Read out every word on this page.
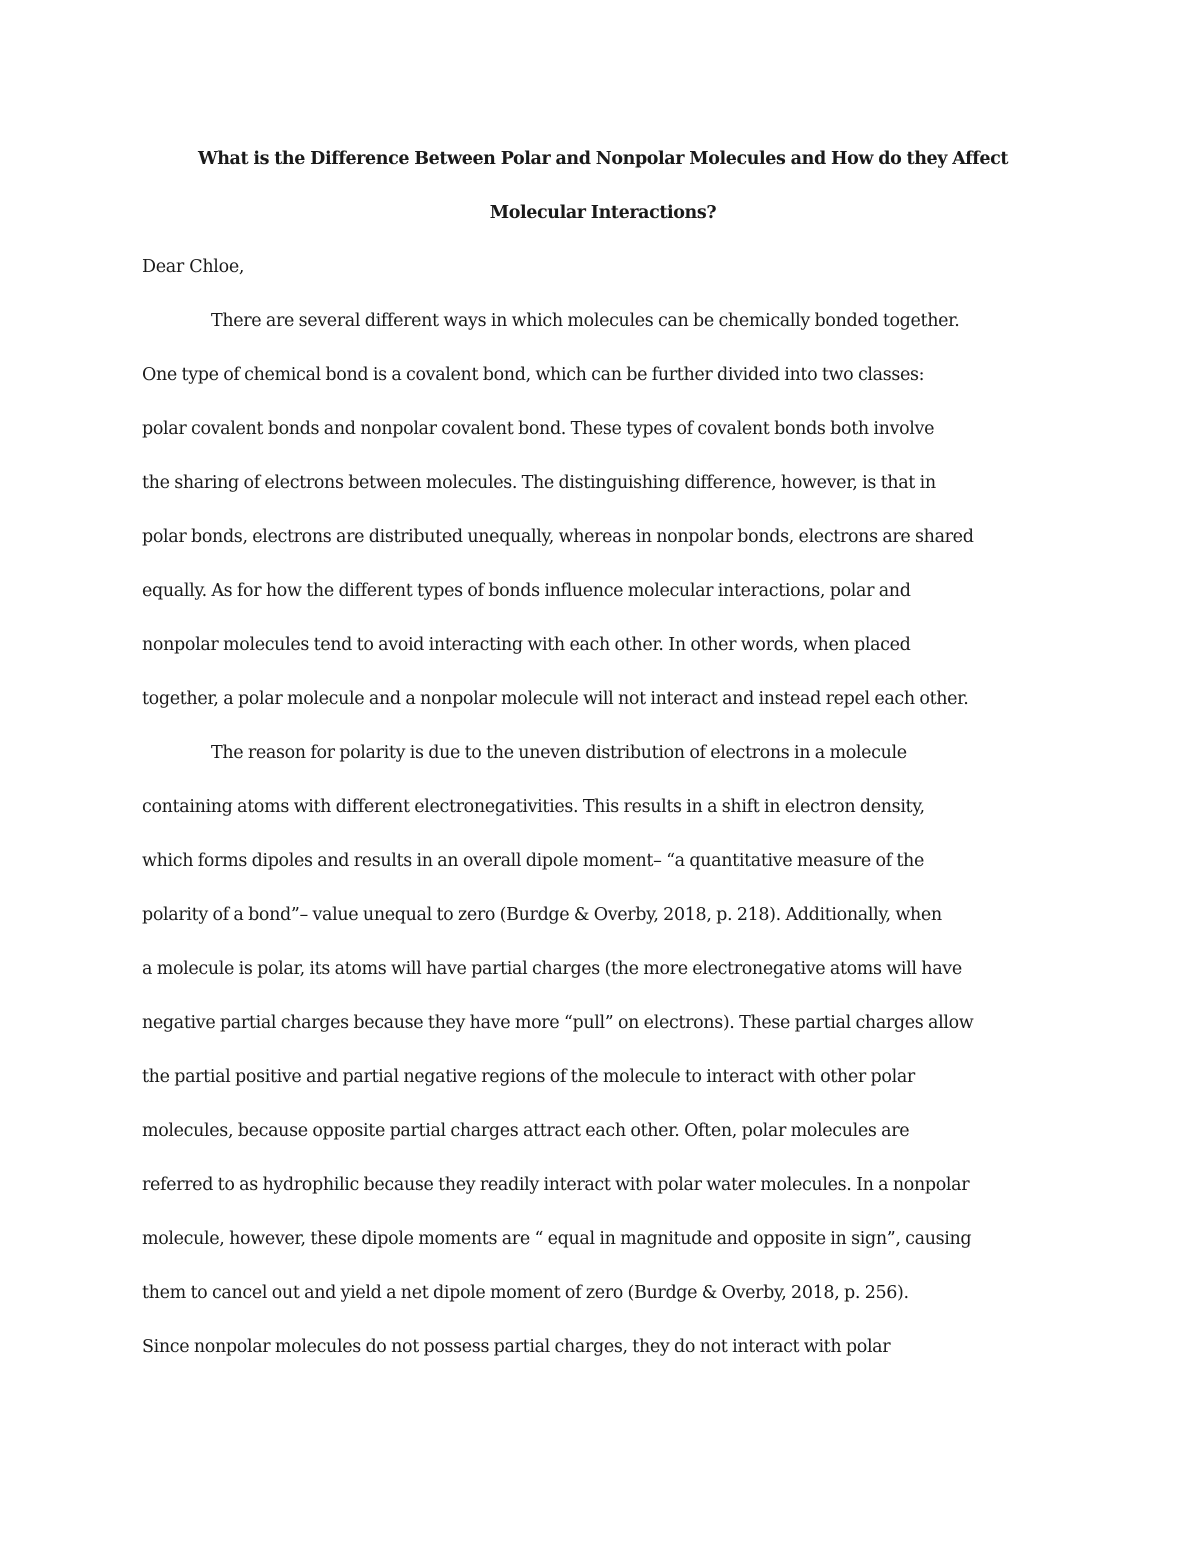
What is the Difference Between Polar and Nonpolar Molecules and How do they Affect
Molecular Interactions?

Dear Chloe,

There are several different ways in which molecules can be chemically bonded together.
One type of chemical bond is a covalent bond, which can be further divided into two classes:
polar covalent bonds and nonpolar covalent bond. These types of covalent bonds both involve
the sharing of electrons between molecules. The distinguishing difference, however, is that in
polar bonds, electrons are distributed unequally, whereas in nonpolar bonds, electrons are shared
equally. As for how the different types of bonds influence molecular interactions, polar and
nonpolar molecules tend to avoid interacting with each other. In other words, when placed
together, a polar molecule and a nonpolar molecule will not interact and instead repel each other.

The reason for polarity is due to the uneven distribution of electrons in a molecule
containing atoms with different electronegativities. This results in a shift in electron density,
which forms dipoles and results in an overall dipole moment– “a quantitative measure of the
polarity of a bond”– value unequal to zero (Burdge & Overby, 2018, p. 218). Additionally, when
a molecule is polar, its atoms will have partial charges (the more electronegative atoms will have
negative partial charges because they have more “pull” on electrons). These partial charges allow
the partial positive and partial negative regions of the molecule to interact with other polar
molecules, because opposite partial charges attract each other. Often, polar molecules are
referred to as hydrophilic because they readily interact with polar water molecules. In a nonpolar
molecule, however, these dipole moments are “ equal in magnitude and opposite in sign”, causing
them to cancel out and yield a net dipole moment of zero (Burdge & Overby, 2018, p. 256).
Since nonpolar molecules do not possess partial charges, they do not interact with polar
